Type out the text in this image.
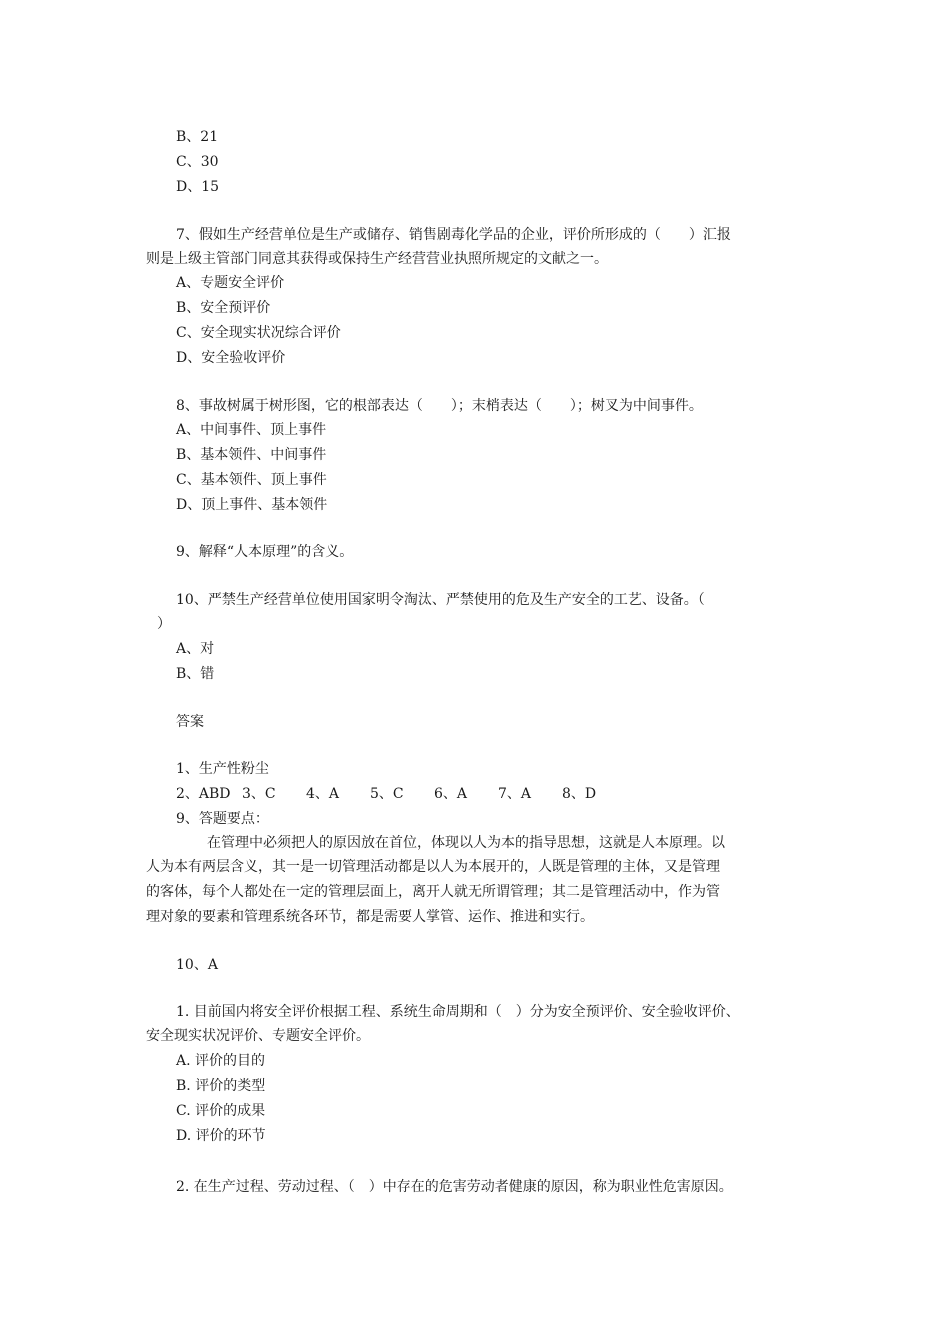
B、21
C、30
D、15
7、假如生产经营单位是生产或储存、销售剧毒化学品的企业，评价所形成的（　　）汇报
则是上级主管部门同意其获得或保持生产经营营业执照所规定的文献之一。
A、专题安全评价
B、安全预评价
C、安全现实状况综合评价
D、安全验收评价
8、事故树属于树形图，它的根部表达（　　）；末梢表达（　　）；树叉为中间事件。
A、中间事件、顶上事件
B、基本领件、中间事件
C、基本领件、顶上事件
D、顶上事件、基本领件
9、解释“人本原理”的含义。
10、严禁生产经营单位使用国家明令淘汰、严禁使用的危及生产安全的工艺、设备。（
）
A、对
B、错
答案
1、生产性粉尘
2、ABD 3、C 4、A 5、C 6、A 7、A 8、D
9、答题要点：
在管理中必须把人的原因放在首位，体现以人为本的指导思想，这就是人本原理。以
人为本有两层含义，其一是一切管理活动都是以人为本展开的，人既是管理的主体，又是管理
的客体，每个人都处在一定的管理层面上，离开人就无所谓管理；其二是管理活动中，作为管
理对象的要素和管理系统各环节，都是需要人掌管、运作、推进和实行。
10、A
1. 目前国内将安全评价根据工程、系统生命周期和（　）分为安全预评价、安全验收评价、
安全现实状况评价、专题安全评价。
A. 评价的目的
B. 评价的类型
C. 评价的成果
D. 评价的环节
2. 在生产过程、劳动过程、（　）中存在的危害劳动者健康的原因，称为职业性危害原因。
